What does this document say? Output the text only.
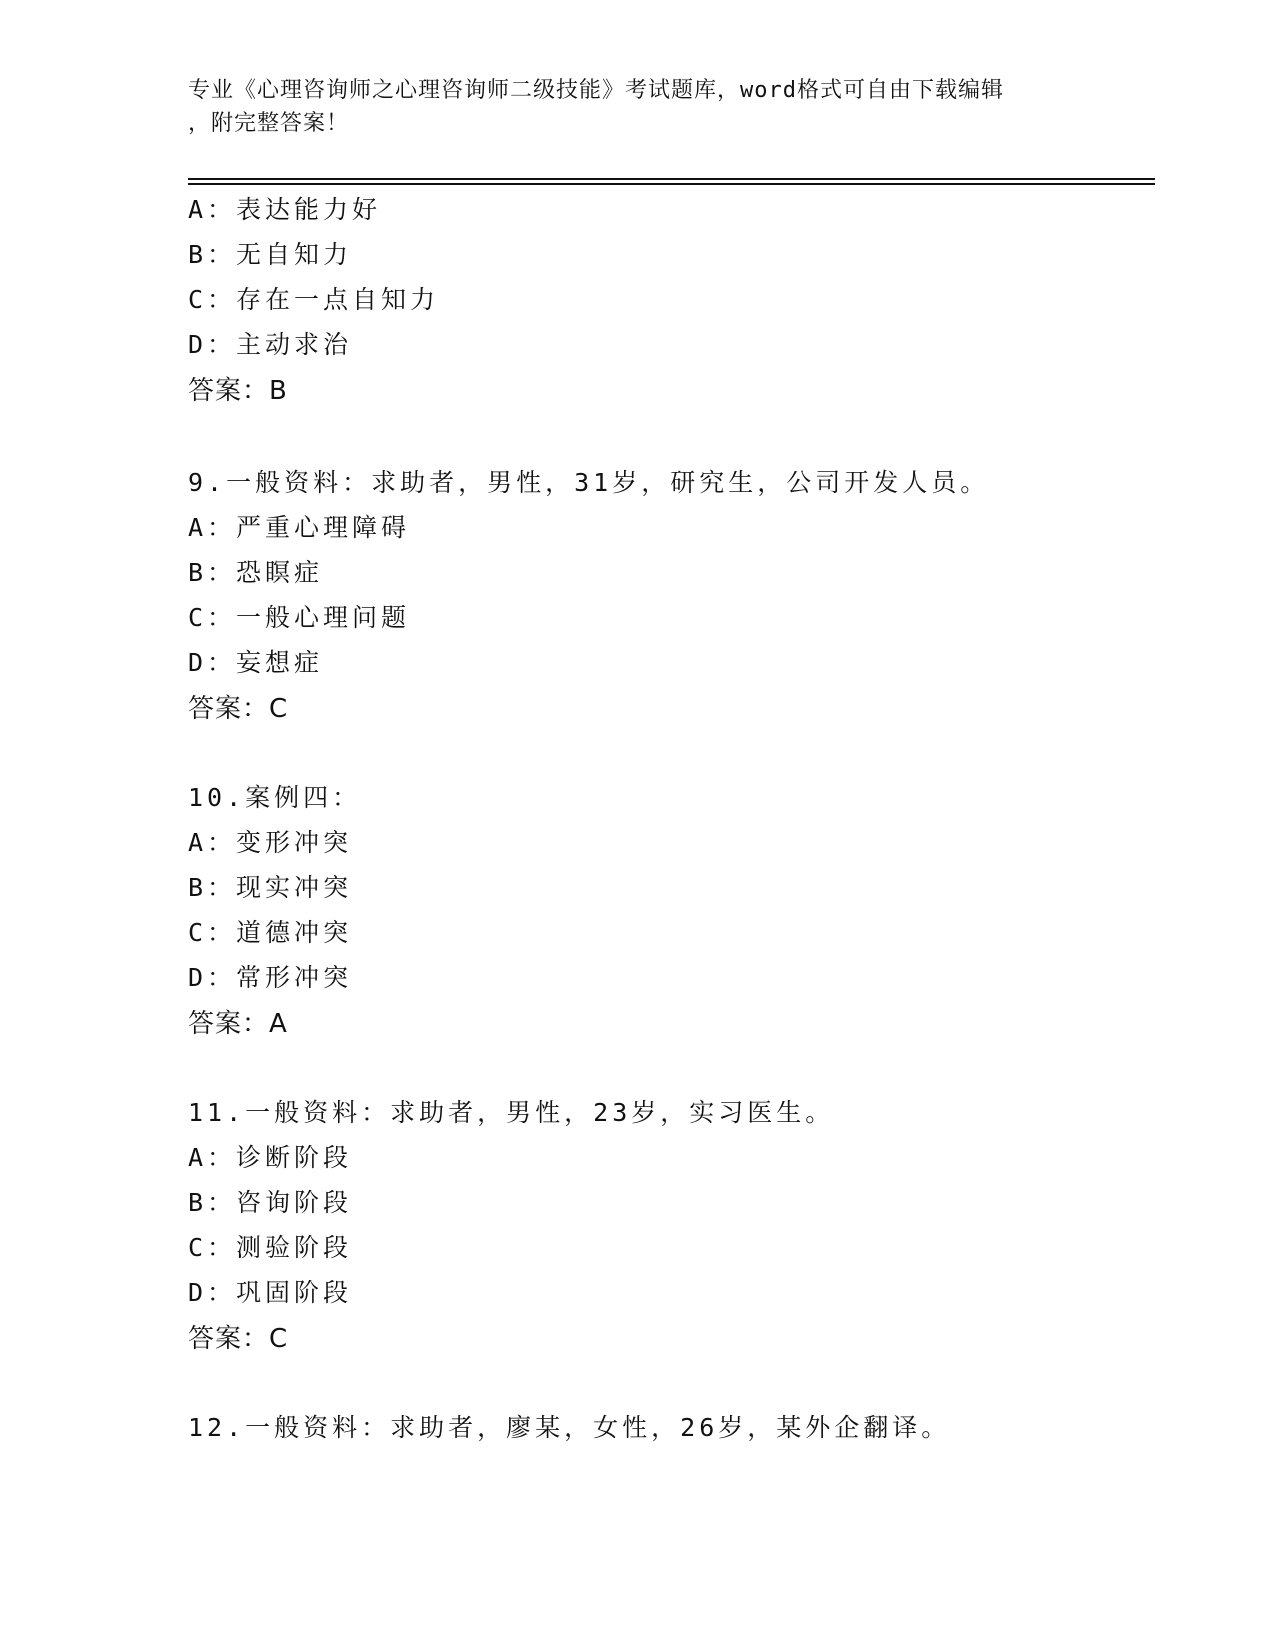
专业《心理咨询师之心理咨询师二级技能》考试题库，word格式可自由下载编辑
，附完整答案！
A：表达能力好
B：无自知力
C：存在一点自知力
D：主动求治
答案：B
9.一般资料：求助者，男性，31岁，研究生，公司开发人员。
A：严重心理障碍
B：恐瞑症
C：一般心理问题
D：妄想症
答案：C
10.案例四：
A：变形冲突
B：现实冲突
C：道德冲突
D：常形冲突
答案：A
11.一般资料：求助者，男性，23岁，实习医生。
A：诊断阶段
B：咨询阶段
C：测验阶段
D：巩固阶段
答案：C
12.一般资料：求助者，廖某，女性，26岁，某外企翻译。
